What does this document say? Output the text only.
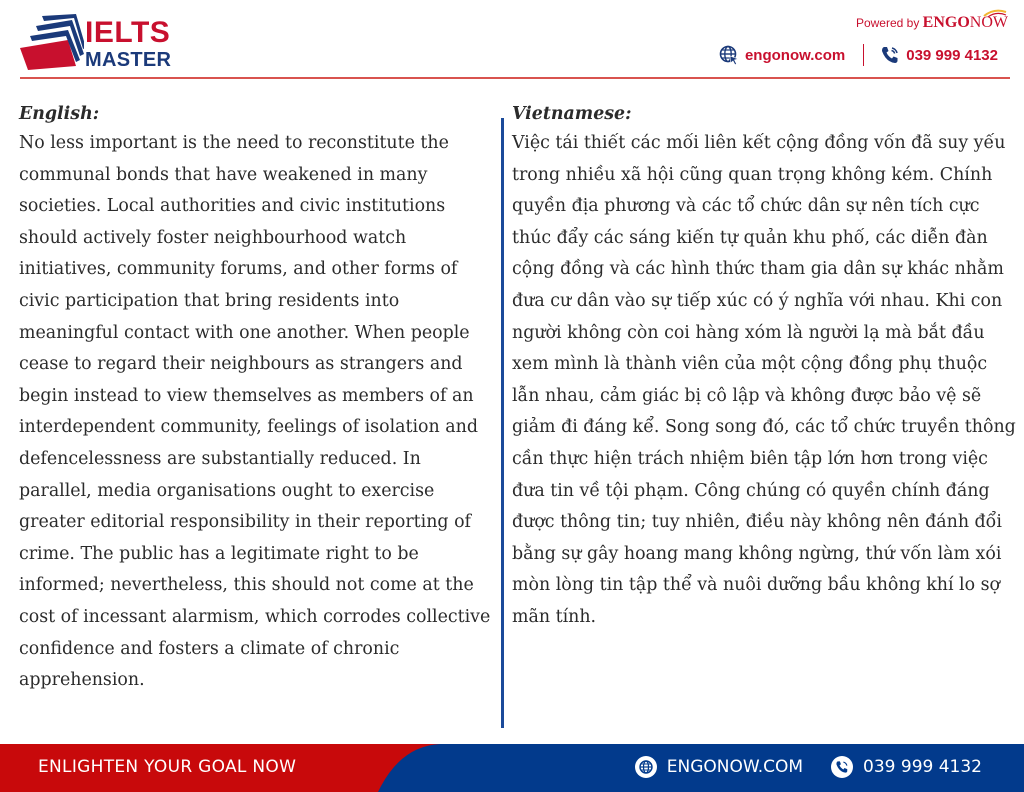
IELTS
MASTER
Powered by ENGONOW
engonow.com	039 999 4132
English:

No less important is the need to reconstitute the communal bonds that have weakened in many societies. Local authorities and civic institutions should actively foster neighbourhood watch initiatives, community forums, and other forms of civic participation that bring residents into meaningful contact with one another. When people cease to regard their neighbours as strangers and begin instead to view themselves as members of an interdependent community, feelings of isolation and defencelessness are substantially reduced. In parallel, media organisations ought to exercise greater editorial responsibility in their reporting of crime. The public has a legitimate right to be informed; nevertheless, this should not come at the cost of incessant alarmism, which corrodes collective confidence and fosters a climate of chronic apprehension.

Vietnamese:

Việc tái thiết các mối liên kết cộng đồng vốn đã suy yếu trong nhiều xã hội cũng quan trọng không kém. Chính quyền địa phương và các tổ chức dân sự nên tích cực thúc đẩy các sáng kiến tự quản khu phố, các diễn đàn cộng đồng và các hình thức tham gia dân sự khác nhằm đưa cư dân vào sự tiếp xúc có ý nghĩa với nhau. Khi con người không còn coi hàng xóm là người lạ mà bắt đầu xem mình là thành viên của một cộng đồng phụ thuộc lẫn nhau, cảm giác bị cô lập và không được bảo vệ sẽ giảm đi đáng kể. Song song đó, các tổ chức truyền thông cần thực hiện trách nhiệm biên tập lớn hơn trong việc đưa tin về tội phạm. Công chúng có quyền chính đáng được thông tin; tuy nhiên, điều này không nên đánh đổi bằng sự gây hoang mang không ngừng, thứ vốn làm xói mòn lòng tin tập thể và nuôi dưỡng bầu không khí lo sợ mãn tính.

ENLIGHTEN YOUR GOAL NOW	ENGONOW.COM	039 999 4132
